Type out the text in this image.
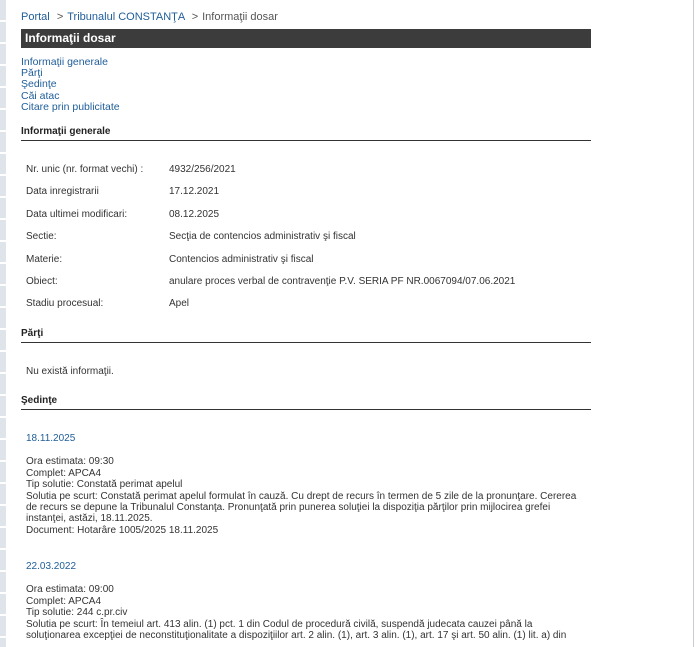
Portal > Tribunalul CONSTANŢA > Informaţii dosar
Informaţii dosar
Informaţii generale
Părţi
Şedinţe
Căi atac
Citare prin publicitate
Informaţii generale
Nr. unic (nr. format vechi) :	4932/256/2021
Data inregistrarii	17.12.2021
Data ultimei modificari:	08.12.2025
Sectie:	Secţia de contencios administrativ şi fiscal
Materie:	Contencios administrativ şi fiscal
Obiect:	anulare proces verbal de contravenţie P.V. SERIA PF NR.0067094/07.06.2021
Stadiu procesual:	Apel
Părţi
Nu există informaţii.
Şedinţe
18.11.2025
Ora estimata: 09:30
Complet: APCA4
Tip solutie: Constată perimat apelul
Solutia pe scurt: Constată perimat apelul formulat în cauză. Cu drept de recurs în termen de 5 zile de la pronunţare. Cererea de recurs se depune la Tribunalul Constanţa. Pronunţată prin punerea soluţiei la dispoziţia părţilor prin mijlocirea grefei instanţei, astăzi, 18.11.2025.
Document: Hotarâre 1005/2025 18.11.2025
22.03.2022
Ora estimata: 09:00
Complet: APCA4
Tip solutie: 244 c.pr.civ
Solutia pe scurt: În temeiul art. 413 alin. (1) pct. 1 din Codul de procedură civilă, suspendă judecata cauzei până la soluţionarea excepţiei de neconstituţionalitate a dispoziţiilor art. 2 alin. (1), art. 3 alin. (1), art. 17 şi art. 50 alin. (1) lit. a) din
